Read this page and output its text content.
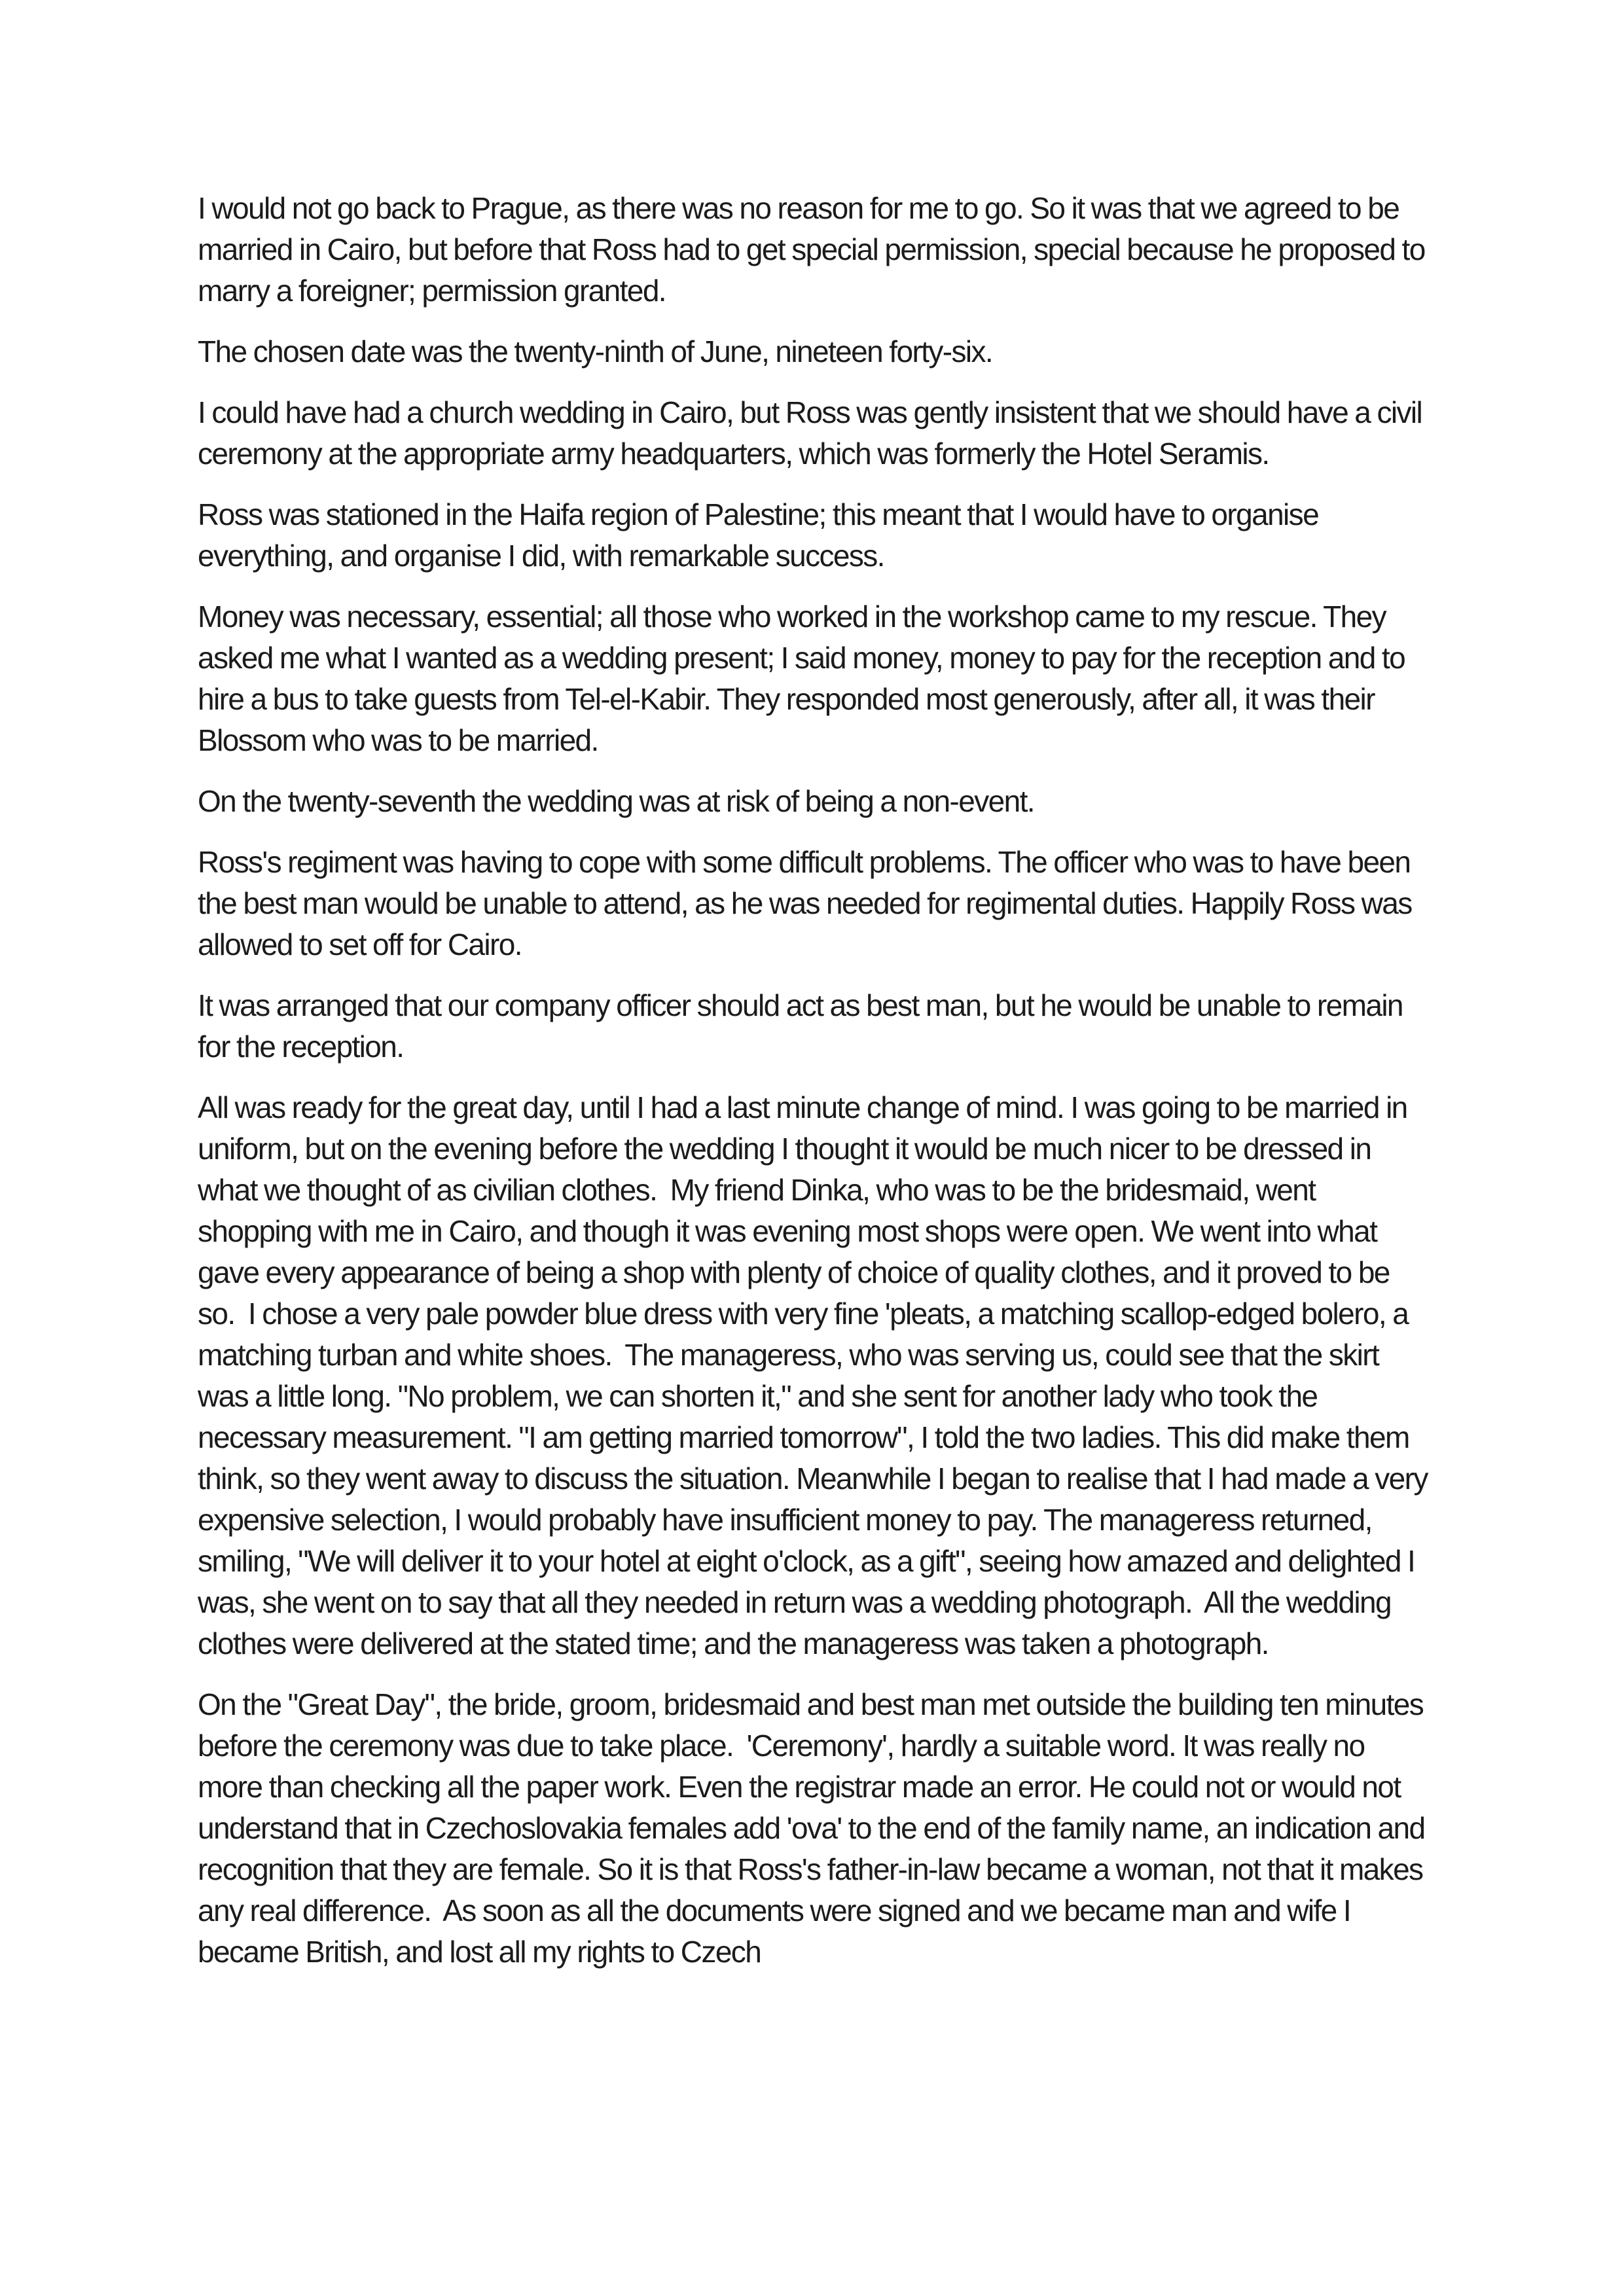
I would not go back to Prague, as there was no reason for me to go. So it was that we agreed to be married in Cairo, but before that Ross had to get special permission, special because he proposed to marry a foreigner; permission granted.

The chosen date was the twenty-ninth of June, nineteen forty-six.

I could have had a church wedding in Cairo, but Ross was gently insistent that we should have a civil ceremony at the appropriate army headquarters, which was formerly the Hotel Seramis.

Ross was stationed in the Haifa region of Palestine; this meant that I would have to organise everything, and organise I did, with remarkable success.

Money was necessary, essential; all those who worked in the workshop came to my rescue. They asked me what I wanted as a wedding present; I said money, money to pay for the reception and to hire a bus to take guests from Tel-el-Kabir. They responded most generously, after all, it was their Blossom who was to be married.

On the twenty-seventh the wedding was at risk of being a non-event.

Ross's regiment was having to cope with some difficult problems. The officer who was to have been the best man would be unable to attend, as he was needed for regimental duties. Happily Ross was allowed to set off for Cairo.

It was arranged that our company officer should act as best man, but he would be unable to remain for the reception.

All was ready for the great day, until I had a last minute change of mind. I was going to be married in uniform, but on the evening before the wedding I thought it would be much nicer to be dressed in what we thought of as civilian clothes.  My friend Dinka, who was to be the bridesmaid, went shopping with me in Cairo, and though it was evening most shops were open. We went into what gave every appearance of being a shop with plenty of choice of quality clothes, and it proved to be so.  I chose a very pale powder blue dress with very fine 'pleats, a matching scallop-edged bolero, a matching turban and white shoes.  The manageress, who was serving us, could see that the skirt was a little long. "No problem, we can shorten it," and she sent for another lady who took the necessary measurement. "I am getting married tomorrow", I told the two ladies. This did make them think, so they went away to discuss the situation. Meanwhile I began to realise that I had made a very expensive selection, I would probably have insufficient money to pay. The manageress returned, smiling, "We will deliver it to your hotel at eight o'clock, as a gift", seeing how amazed and delighted I was, she went on to say that all they needed in return was a wedding photograph.  All the wedding clothes were delivered at the stated time; and the manageress was taken a photograph.

On the "Great Day", the bride, groom, bridesmaid and best man met outside the building ten minutes before the ceremony was due to take place.  'Ceremony', hardly a suitable word. It was really no more than checking all the paper work. Even the registrar made an error. He could not or would not understand that in Czechoslovakia females add 'ova' to the end of the family name, an indication and recognition that they are female. So it is that Ross's father-in-law became a woman, not that it makes any real difference.  As soon as all the documents were signed and we became man and wife I became British, and lost all my rights to Czech
